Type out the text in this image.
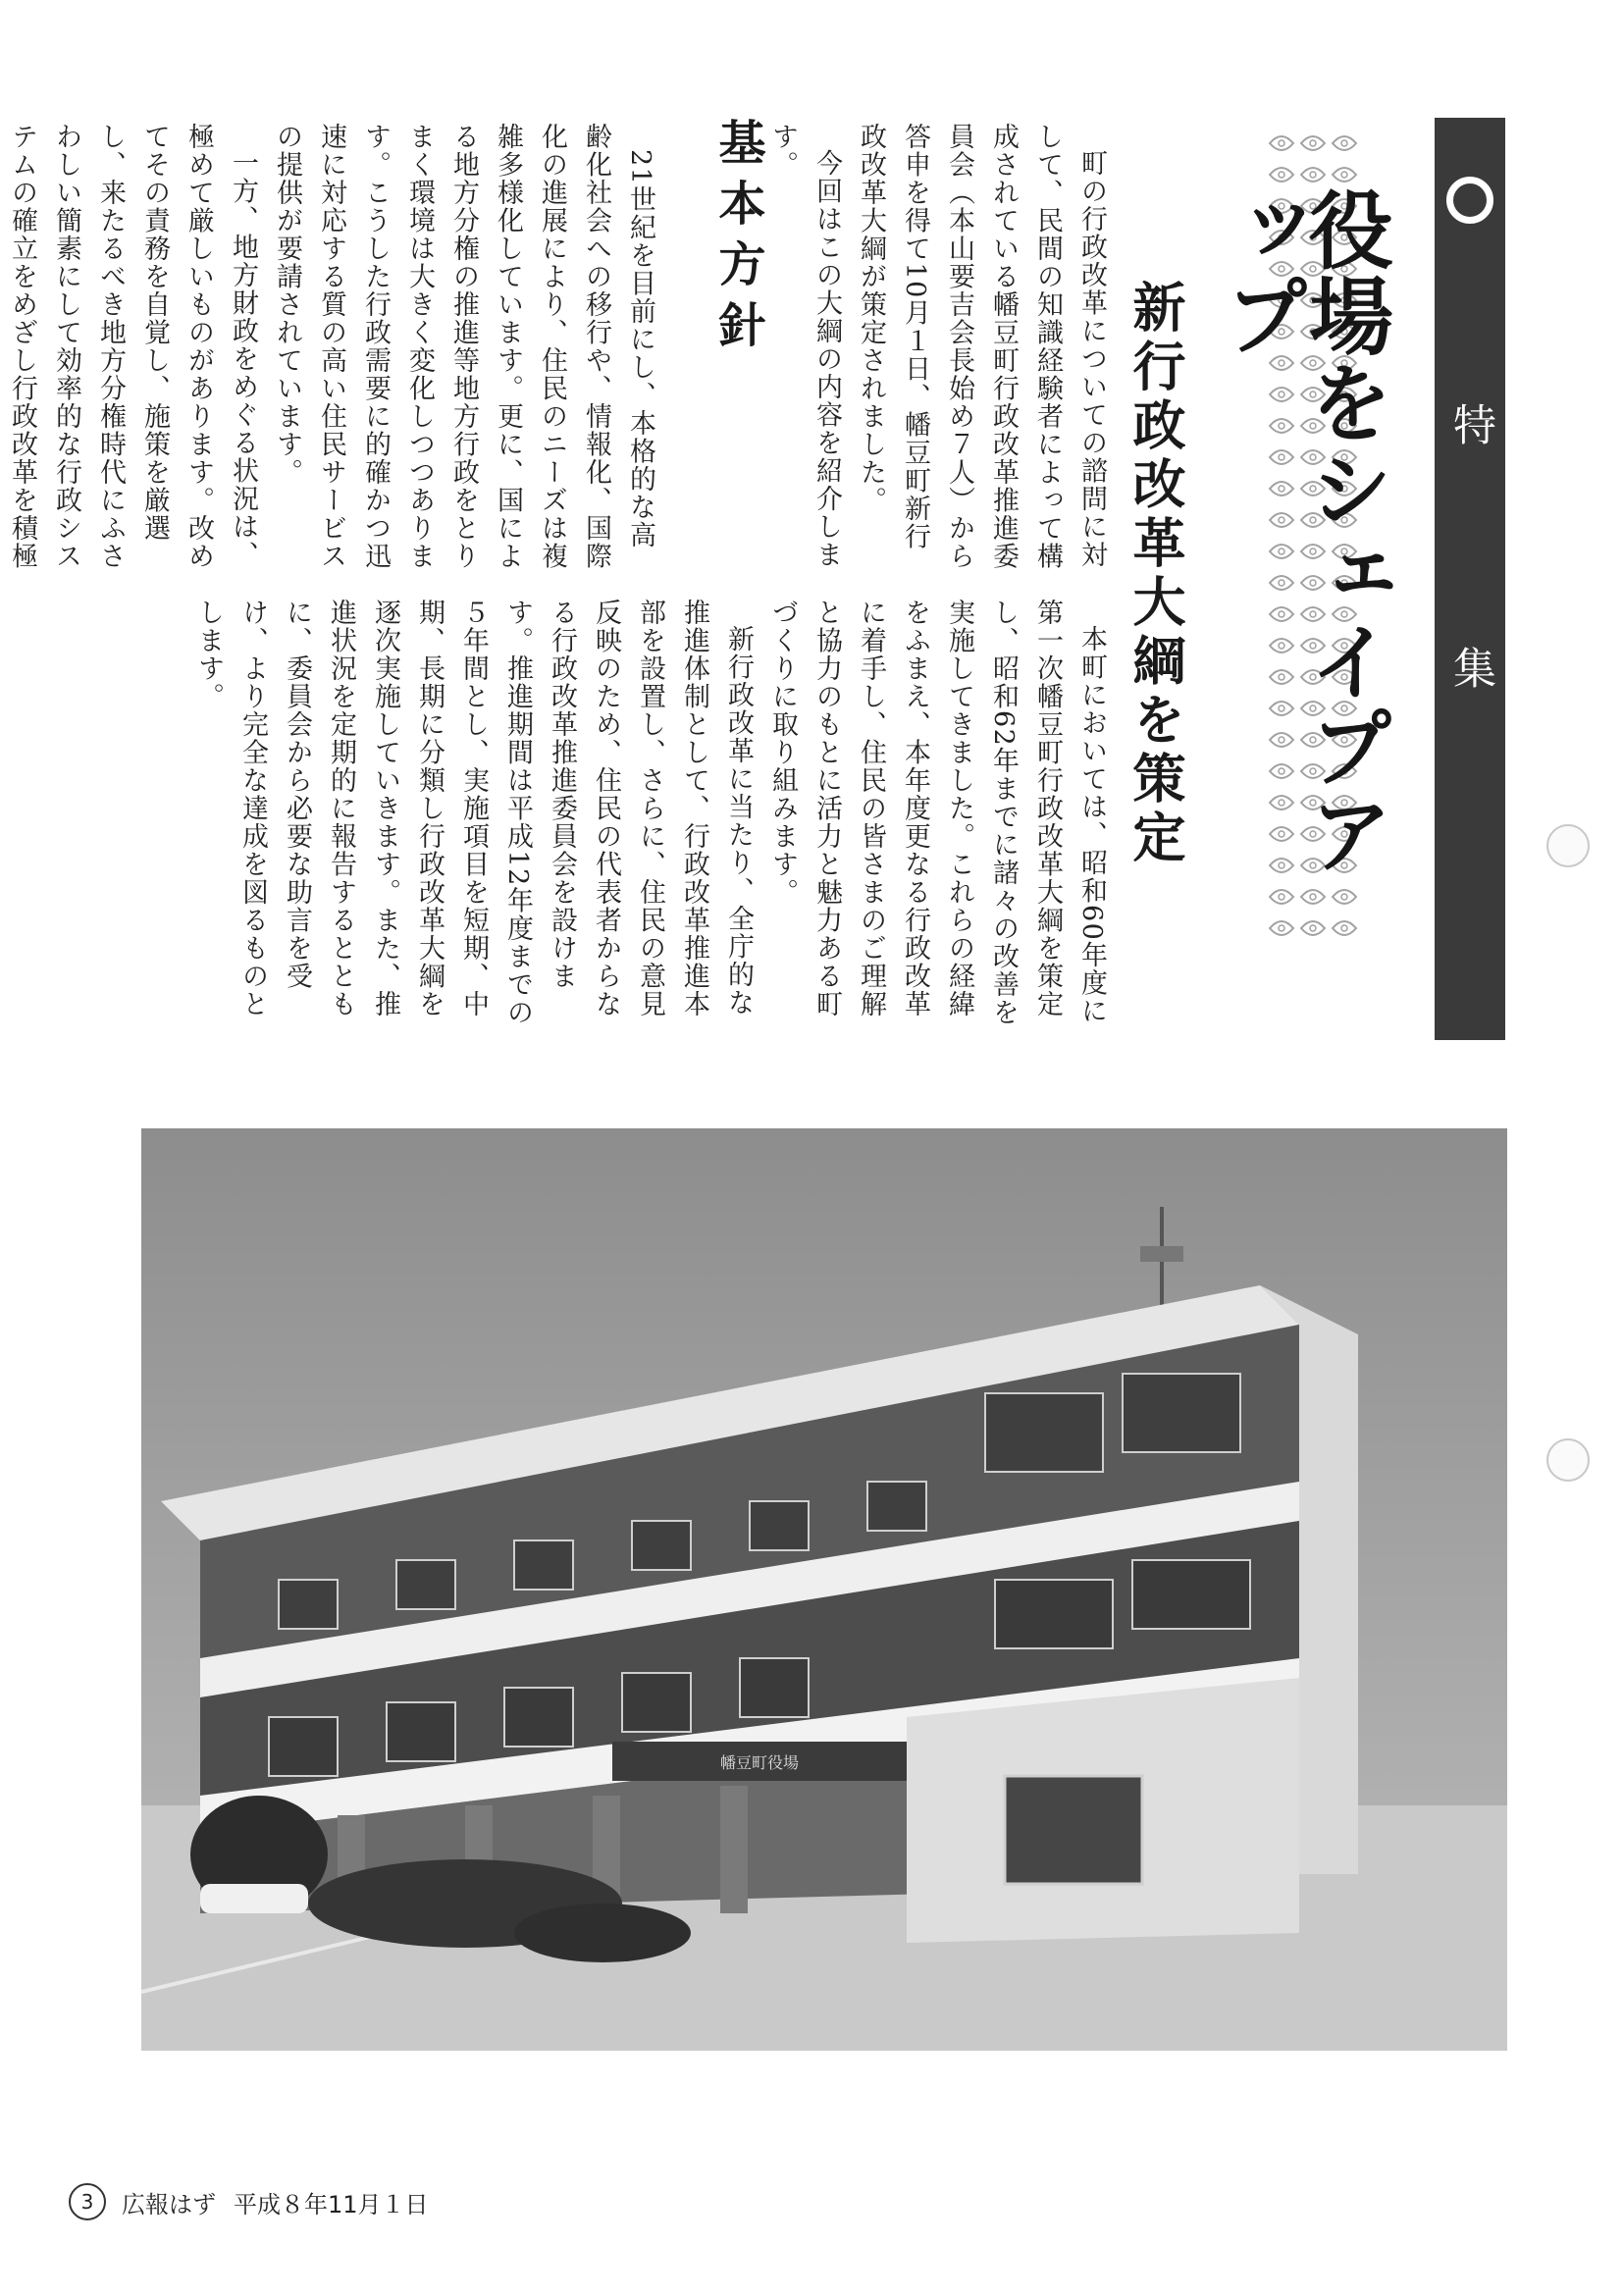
特　集
役場をシェイプアップ
新行政改革大綱を策定

町の行政改革についての諮問に対して、民間の知識経験者によって構成されている幡豆町行政改革推進委員会（本山要吉会長始め７人）から答申を得て10月１日、幡豆町新行政改革大綱が策定されました。

今回はこの大綱の内容を紹介します。

基本方針

21世紀を目前にし、本格的な高齢化社会への移行や、情報化、国際化の進展により、住民のニーズは複雑多様化しています。更に、国による地方分権の推進等地方行政をとりまく環境は大きく変化しつつあります。こうした行政需要に的確かつ迅速に対応する質の高い住民サービスの提供が要請されています。

一方、地方財政をめぐる状況は、極めて厳しいものがあります。改めてその責務を自覚し、施策を厳選し、来たるべき地方分権時代にふさわしい簡素にして効率的な行政システムの確立をめざし行政改革を積極

本町においては、昭和60年度に第一次幡豆町行政改革大綱を策定し、昭和62年までに諸々の改善を実施してきました。これらの経緯をふまえ、本年度更なる行政改革に着手し、住民の皆さまのご理解と協力のもとに活力と魅力ある町づくりに取り組みます。

新行政改革に当たり、全庁的な推進体制として、行政改革推進本部を設置し、さらに、住民の意見反映のため、住民の代表者からなる行政改革推進委員会を設けます。推進期間は平成12年度までの５年間とし、実施項目を短期、中期、長期に分類し行政改革大綱を逐次実施していきます。また、推進状況を定期的に報告するとともに、委員会から必要な助言を受け、より完全な達成を図るものとします。

幡豆町役場
3	広報はず 平成８年11月１日
